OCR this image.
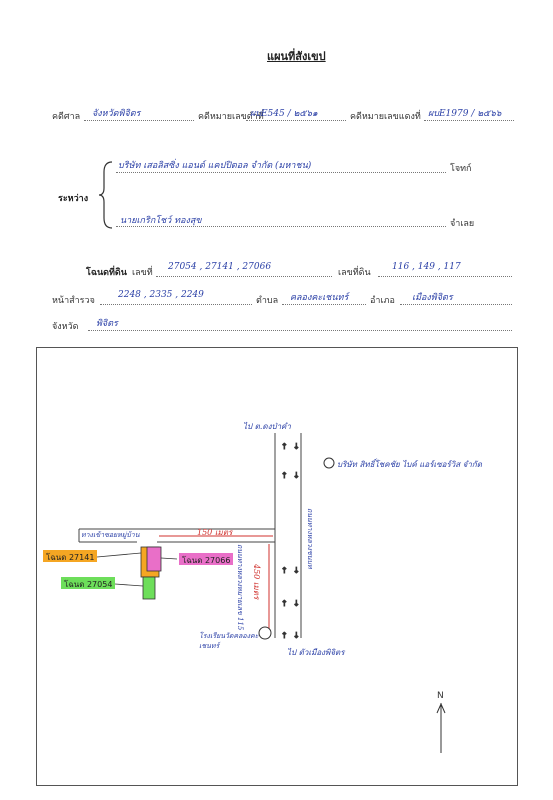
แผนที่สังเขป
คดีศาล จังหวัดพิจิตร	คดีหมายเลขดำที่
ผบE545 / ๒๕๖๑	คดีหมายเลขแดงที่ ผบE1979 / ๒๕๖๖
ระหว่าง
บริษัท เสอลิสซิ่ง แอนด์ แคปปิตอล จำกัด (มหาชน)	โจทก์
นายเกริกโชว์ ทองสุข	จำเลย
โฉนดที่ดิน เลขที่
27054 , 27141 , 27066
เลขที่ดิน
116 , 149 , 117
หน้าสำรวจ
2248 , 2335 , 2249
ตำบล คลองคะเชนทร์ อำเภอ เมืองพิจิตร
จังหวัด พิจิตร
↑ ↓
↑ ↓
↑ ↓
↑ ↓
↑ ↓
ไป ต.ดงป่าคำ
ไป ตัวเมืองพิจิตร
ถนนทางหลวงหมายเลข 115
ถนนทางหลวงชนบท
บริษัท สิทธิ์โชคชัย ไบค์ แอร์เซอร์วิส จำกัด
ทางเข้าซอยหมู่บ้าน	150 เมตร
450 เมตร
โฉนด 27141	โฉนด 27066
โฉนด 27054
โรงเรียนวัดคลองคะเชนทร์
N
